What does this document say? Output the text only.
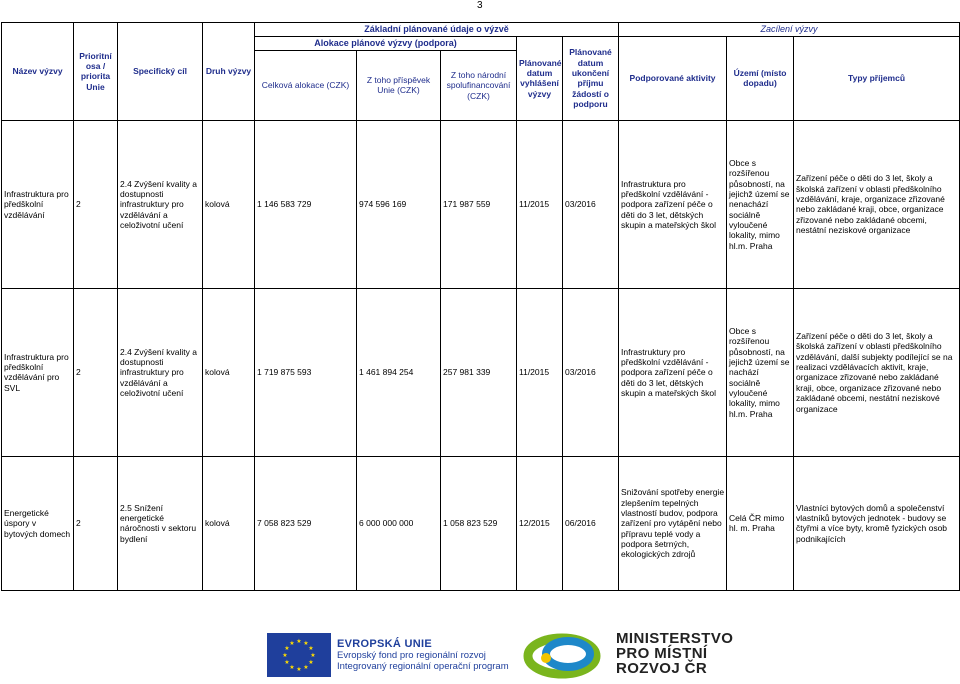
3
Název výzvy	Prioritní osa / priorita Unie	Specifický cíl	Druh výzvy	Základní plánované údaje o výzvě					Zacílení výzvy		
				Alokace plánové výzvy (podpora)			Plánované datum vyhlášení výzvy	Plánované datum ukončení příjmu žádostí o podporu	Podporované aktivity	Území (místo dopadu)	Typy příjemců
				Celková alokace (CZK)	Z toho příspěvek Unie (CZK)	Z toho národní spolufinancování (CZK)					
Infrastruktura pro předškolní vzdělávání	2	2.4 Zvýšení kvality a dostupnosti infrastruktury pro vzdělávání a celoživotní učení	kolová	1 146 583 729	974 596 169	171 987 559	11/2015	03/2016	Infrastruktura pro předškolní vzdělávání - podpora zařízení péče o děti do 3 let, dětských skupin a mateřských škol	Obce s rozšířenou působností, na jejichž území se nenachází sociálně vyloučené lokality, mimo hl.m. Praha	Zařízení péče o děti do 3 let, školy a školská zařízení v oblasti předškolního vzdělávání, kraje, organizace zřizované nebo zakládané kraji, obce, organizace zřizované nebo zakládané obcemi, nestátní neziskové organizace
Infrastruktura pro předškolní vzdělávání pro SVL	2	2.4 Zvýšení kvality a dostupnosti infrastruktury pro vzdělávání a celoživotní učení	kolová	1 719 875 593	1 461 894 254	257 981 339	11/2015	03/2016	Infrastruktury pro předškolní vzdělávání - podpora zařízení péče o děti do 3 let, dětských skupin a mateřských škol	Obce s rozšířenou působností, na jejichž území se nachází sociálně vyloučené lokality, mimo hl.m. Praha	Zařízení péče o děti do 3 let, školy a školská zařízení v oblasti předškolního vzdělávání, další subjekty podílející se na realizaci vzdělávacích aktivit, kraje, organizace zřizované nebo zakládané kraji, obce, organizace zřizované nebo zakládané obcemi, nestátní neziskové organizace
Energetické úspory v bytových domech	2	2.5 Snížení energetické náročnosti v sektoru bydlení	kolová	7 058 823 529	6 000 000 000	1 058 823 529	12/2015	06/2016	Snižování spotřeby energie zlepšením tepelných vlastností budov, podpora zařízení pro vytápění nebo přípravu teplé vody a podpora šetrných, ekologických zdrojů	Celá ČR mimo hl. m. Praha	Vlastníci bytových domů a společenství vlastníků bytových jednotek - budovy se čtyřmi a více byty, kromě fyzických osob podnikajících
★ ★
★
★
★
★
★
★
★
★
★
★	EVROPSKÁ UNIE
Evropský fond pro regionální rozvoj
Integrovaný regionální operační program
MINISTERSTVO
PRO MÍSTNÍ
ROZVOJ ČR
